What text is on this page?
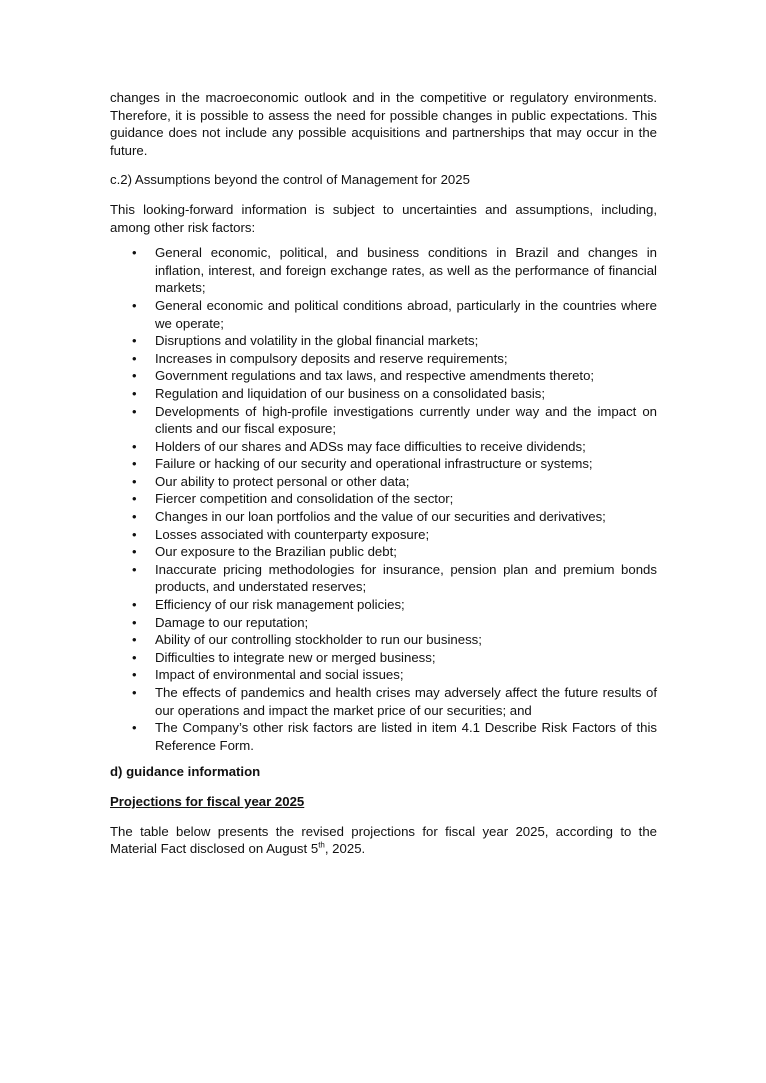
changes in the macroeconomic outlook and in the competitive or regulatory environments. Therefore, it is possible to assess the need for possible changes in public expectations. This guidance does not include any possible acquisitions and partnerships that may occur in the future.

c.2) Assumptions beyond the control of Management for 2025

This looking-forward information is subject to uncertainties and assumptions, including, among other risk factors:

• General economic, political, and business conditions in Brazil and changes in inflation, interest, and foreign exchange rates, as well as the performance of financial markets;
• General economic and political conditions abroad, particularly in the countries where we operate;
• Disruptions and volatility in the global financial markets;
• Increases in compulsory deposits and reserve requirements;
• Government regulations and tax laws, and respective amendments thereto;
• Regulation and liquidation of our business on a consolidated basis;
• Developments of high-profile investigations currently under way and the impact on clients and our fiscal exposure;
• Holders of our shares and ADSs may face difficulties to receive dividends;
• Failure or hacking of our security and operational infrastructure or systems;
• Our ability to protect personal or other data;
• Fiercer competition and consolidation of the sector;
• Changes in our loan portfolios and the value of our securities and derivatives;
• Losses associated with counterparty exposure;
• Our exposure to the Brazilian public debt;
• Inaccurate pricing methodologies for insurance, pension plan and premium bonds products, and understated reserves;
• Efficiency of our risk management policies;
• Damage to our reputation;
• Ability of our controlling stockholder to run our business;
• Difficulties to integrate new or merged business;
• Impact of environmental and social issues;
• The effects of pandemics and health crises may adversely affect the future results of our operations and impact the market price of our securities; and
• The Company’s other risk factors are listed in item 4.1 Describe Risk Factors of this Reference Form.

d) guidance information

Projections for fiscal year 2025

The table below presents the revised projections for fiscal year 2025, according to the Material Fact disclosed on August 5th, 2025.
